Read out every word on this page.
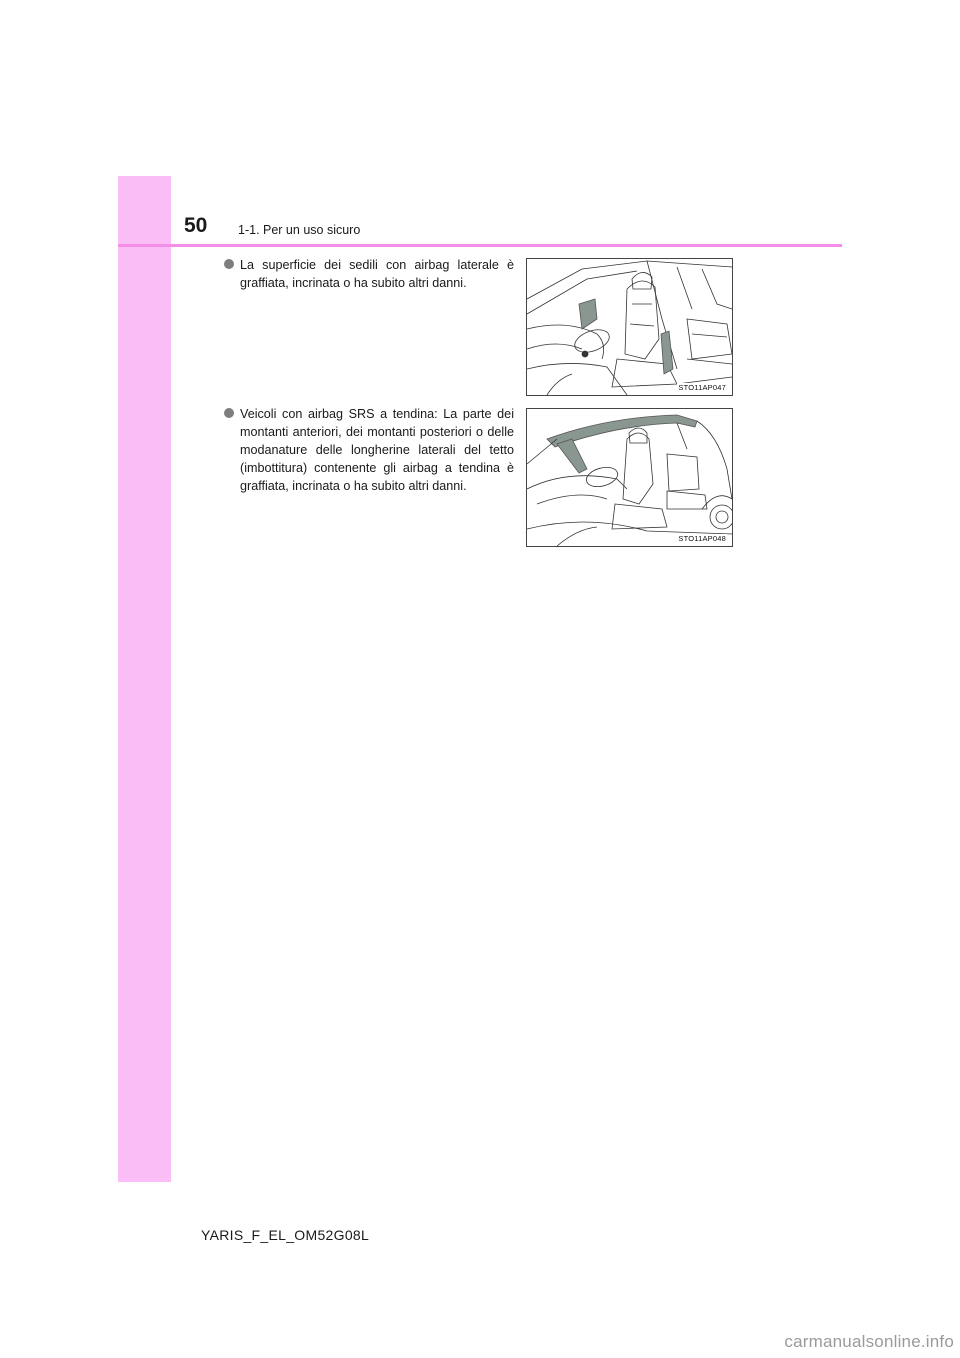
50 1-1. Per un uso sicuro
La superficie dei sedili con airbag laterale è graffiata, incrinata o ha subito altri danni.
STO11AP047
Veicoli con airbag SRS a tendina: La parte dei montanti anteriori, dei montanti posteriori o delle modanature delle longherine laterali del tetto (imbottitura) contenente gli airbag a tendina è graffiata, incrinata o ha subito altri danni.
STO11AP048
YARIS_F_EL_OM52G08L
carmanualsonline.info
